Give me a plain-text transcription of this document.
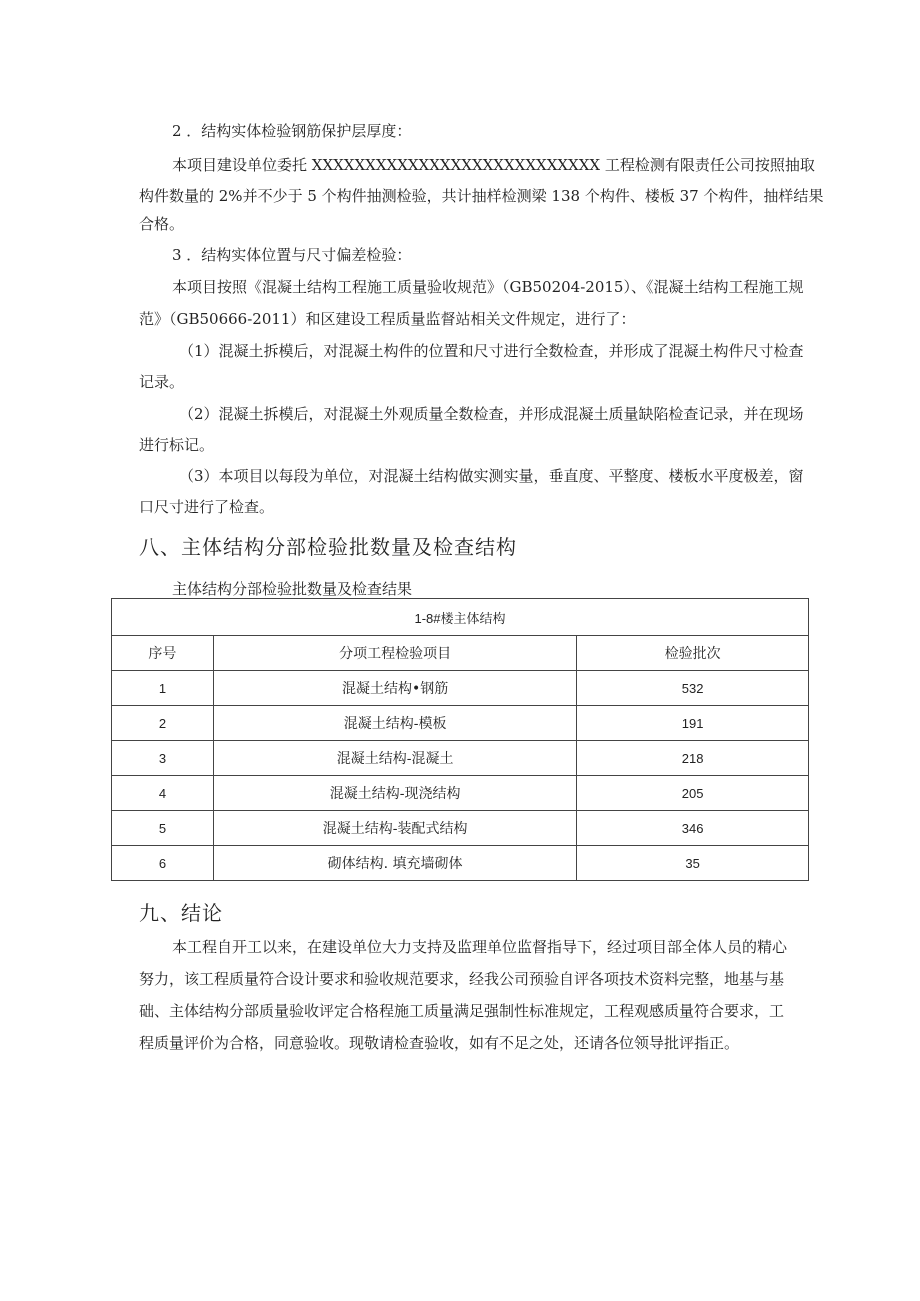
2 ．结构实体检验钢筋保护层厚度：

本项目建设单位委托 XXXXXXXXXXXXXXXXXXXXXXXXXXX 工程检测有限责任公司按照抽取

构件数量的 2%并不少于 5 个构件抽测检验，共计抽样检测梁 138 个构件、楼板 37 个构件，抽样结果

合格。

3 ．结构实体位置与尺寸偏差检验：

本项目按照《混凝土结构工程施工质量验收规范》（GB50204-2015）、《混凝土结构工程施工规

范》（GB50666-2011）和区建设工程质量监督站相关文件规定，进行了：

（1）混凝土拆模后，对混凝土构件的位置和尺寸进行全数检查，并形成了混凝土构件尺寸检查

记录。

（2）混凝土拆模后，对混凝土外观质量全数检查，并形成混凝土质量缺陷检查记录，并在现场

进行标记。

（3）本项目以每段为单位，对混凝土结构做实测实量，垂直度、平整度、楼板水平度极差，窗

口尺寸进行了检查。

八、主体结构分部检验批数量及检查结构

主体结构分部检验批数量及检查结果

1-8#楼主体结构		
序号	分项工程检验项目	检验批次
1	混凝土结构•钢筋	532
2	混凝土结构-模板	191
3	混凝土结构-混凝土	218
4	混凝土结构-现浇结构	205
5	混凝土结构-装配式结构	346
6	砌体结构. 填充墙砌体	35
九、结论

本工程自开工以来，在建设单位大力支持及监理单位监督指导下，经过项目部全体人员的精心

努力，该工程质量符合设计要求和验收规范要求，经我公司预验自评各项技术资料完整，地基与基

础、主体结构分部质量验收评定合格程施工质量满足强制性标准规定，工程观感质量符合要求，工

程质量评价为合格，同意验收。现敬请检查验收，如有不足之处，还请各位领导批评指正。
